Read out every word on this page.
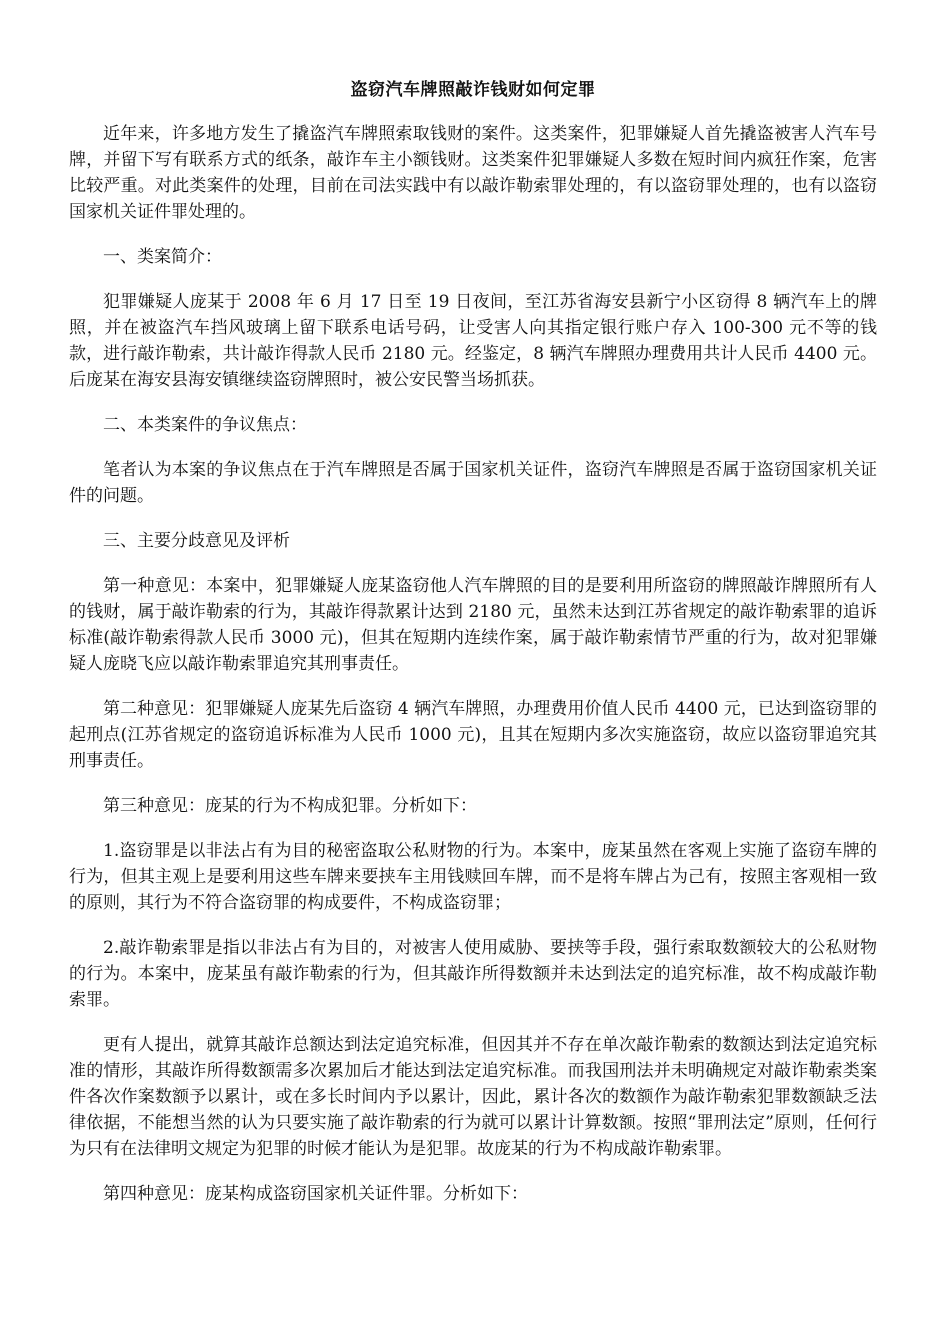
盗窃汽车牌照敲诈钱财如何定罪

近年来，许多地方发生了撬盗汽车牌照索取钱财的案件。这类案件，犯罪嫌疑人首先撬盗被害人汽车号牌，并留下写有联系方式的纸条，敲诈车主小额钱财。这类案件犯罪嫌疑人多数在短时间内疯狂作案，危害比较严重。对此类案件的处理，目前在司法实践中有以敲诈勒索罪处理的，有以盗窃罪处理的，也有以盗窃国家机关证件罪处理的。

一、类案简介：

犯罪嫌疑人庞某于 2008 年 6 月 17 日至 19 日夜间，至江苏省海安县新宁小区窃得 8 辆汽车上的牌照，并在被盗汽车挡风玻璃上留下联系电话号码，让受害人向其指定银行账户存入 100-300 元不等的钱款，进行敲诈勒索，共计敲诈得款人民币 2180 元。经鉴定，8 辆汽车牌照办理费用共计人民币 4400 元。后庞某在海安县海安镇继续盗窃牌照时，被公安民警当场抓获。

二、本类案件的争议焦点：

笔者认为本案的争议焦点在于汽车牌照是否属于国家机关证件，盗窃汽车牌照是否属于盗窃国家机关证件的问题。

三、主要分歧意见及评析

第一种意见：本案中，犯罪嫌疑人庞某盗窃他人汽车牌照的目的是要利用所盗窃的牌照敲诈牌照所有人的钱财，属于敲诈勒索的行为，其敲诈得款累计达到 2180 元，虽然未达到江苏省规定的敲诈勒索罪的追诉标准(敲诈勒索得款人民币 3000 元)，但其在短期内连续作案，属于敲诈勒索情节严重的行为，故对犯罪嫌疑人庞晓飞应以敲诈勒索罪追究其刑事责任。

第二种意见：犯罪嫌疑人庞某先后盗窃 4 辆汽车牌照，办理费用价值人民币 4400 元，已达到盗窃罪的起刑点(江苏省规定的盗窃追诉标准为人民币 1000 元)，且其在短期内多次实施盗窃，故应以盗窃罪追究其刑事责任。

第三种意见：庞某的行为不构成犯罪。分析如下：

1.盗窃罪是以非法占有为目的秘密盗取公私财物的行为。本案中，庞某虽然在客观上实施了盗窃车牌的行为，但其主观上是要利用这些车牌来要挟车主用钱赎回车牌，而不是将车牌占为己有，按照主客观相一致的原则，其行为不符合盗窃罪的构成要件，不构成盗窃罪；

2.敲诈勒索罪是指以非法占有为目的，对被害人使用威胁、要挟等手段，强行索取数额较大的公私财物的行为。本案中，庞某虽有敲诈勒索的行为，但其敲诈所得数额并未达到法定的追究标准，故不构成敲诈勒索罪。

更有人提出，就算其敲诈总额达到法定追究标准，但因其并不存在单次敲诈勒索的数额达到法定追究标准的情形，其敲诈所得数额需多次累加后才能达到法定追究标准。而我国刑法并未明确规定对敲诈勒索类案件各次作案数额予以累计，或在多长时间内予以累计，因此，累计各次的数额作为敲诈勒索犯罪数额缺乏法律依据，不能想当然的认为只要实施了敲诈勒索的行为就可以累计计算数额。按照“罪刑法定”原则，任何行为只有在法律明文规定为犯罪的时候才能认为是犯罪。故庞某的行为不构成敲诈勒索罪。

第四种意见：庞某构成盗窃国家机关证件罪。分析如下：
